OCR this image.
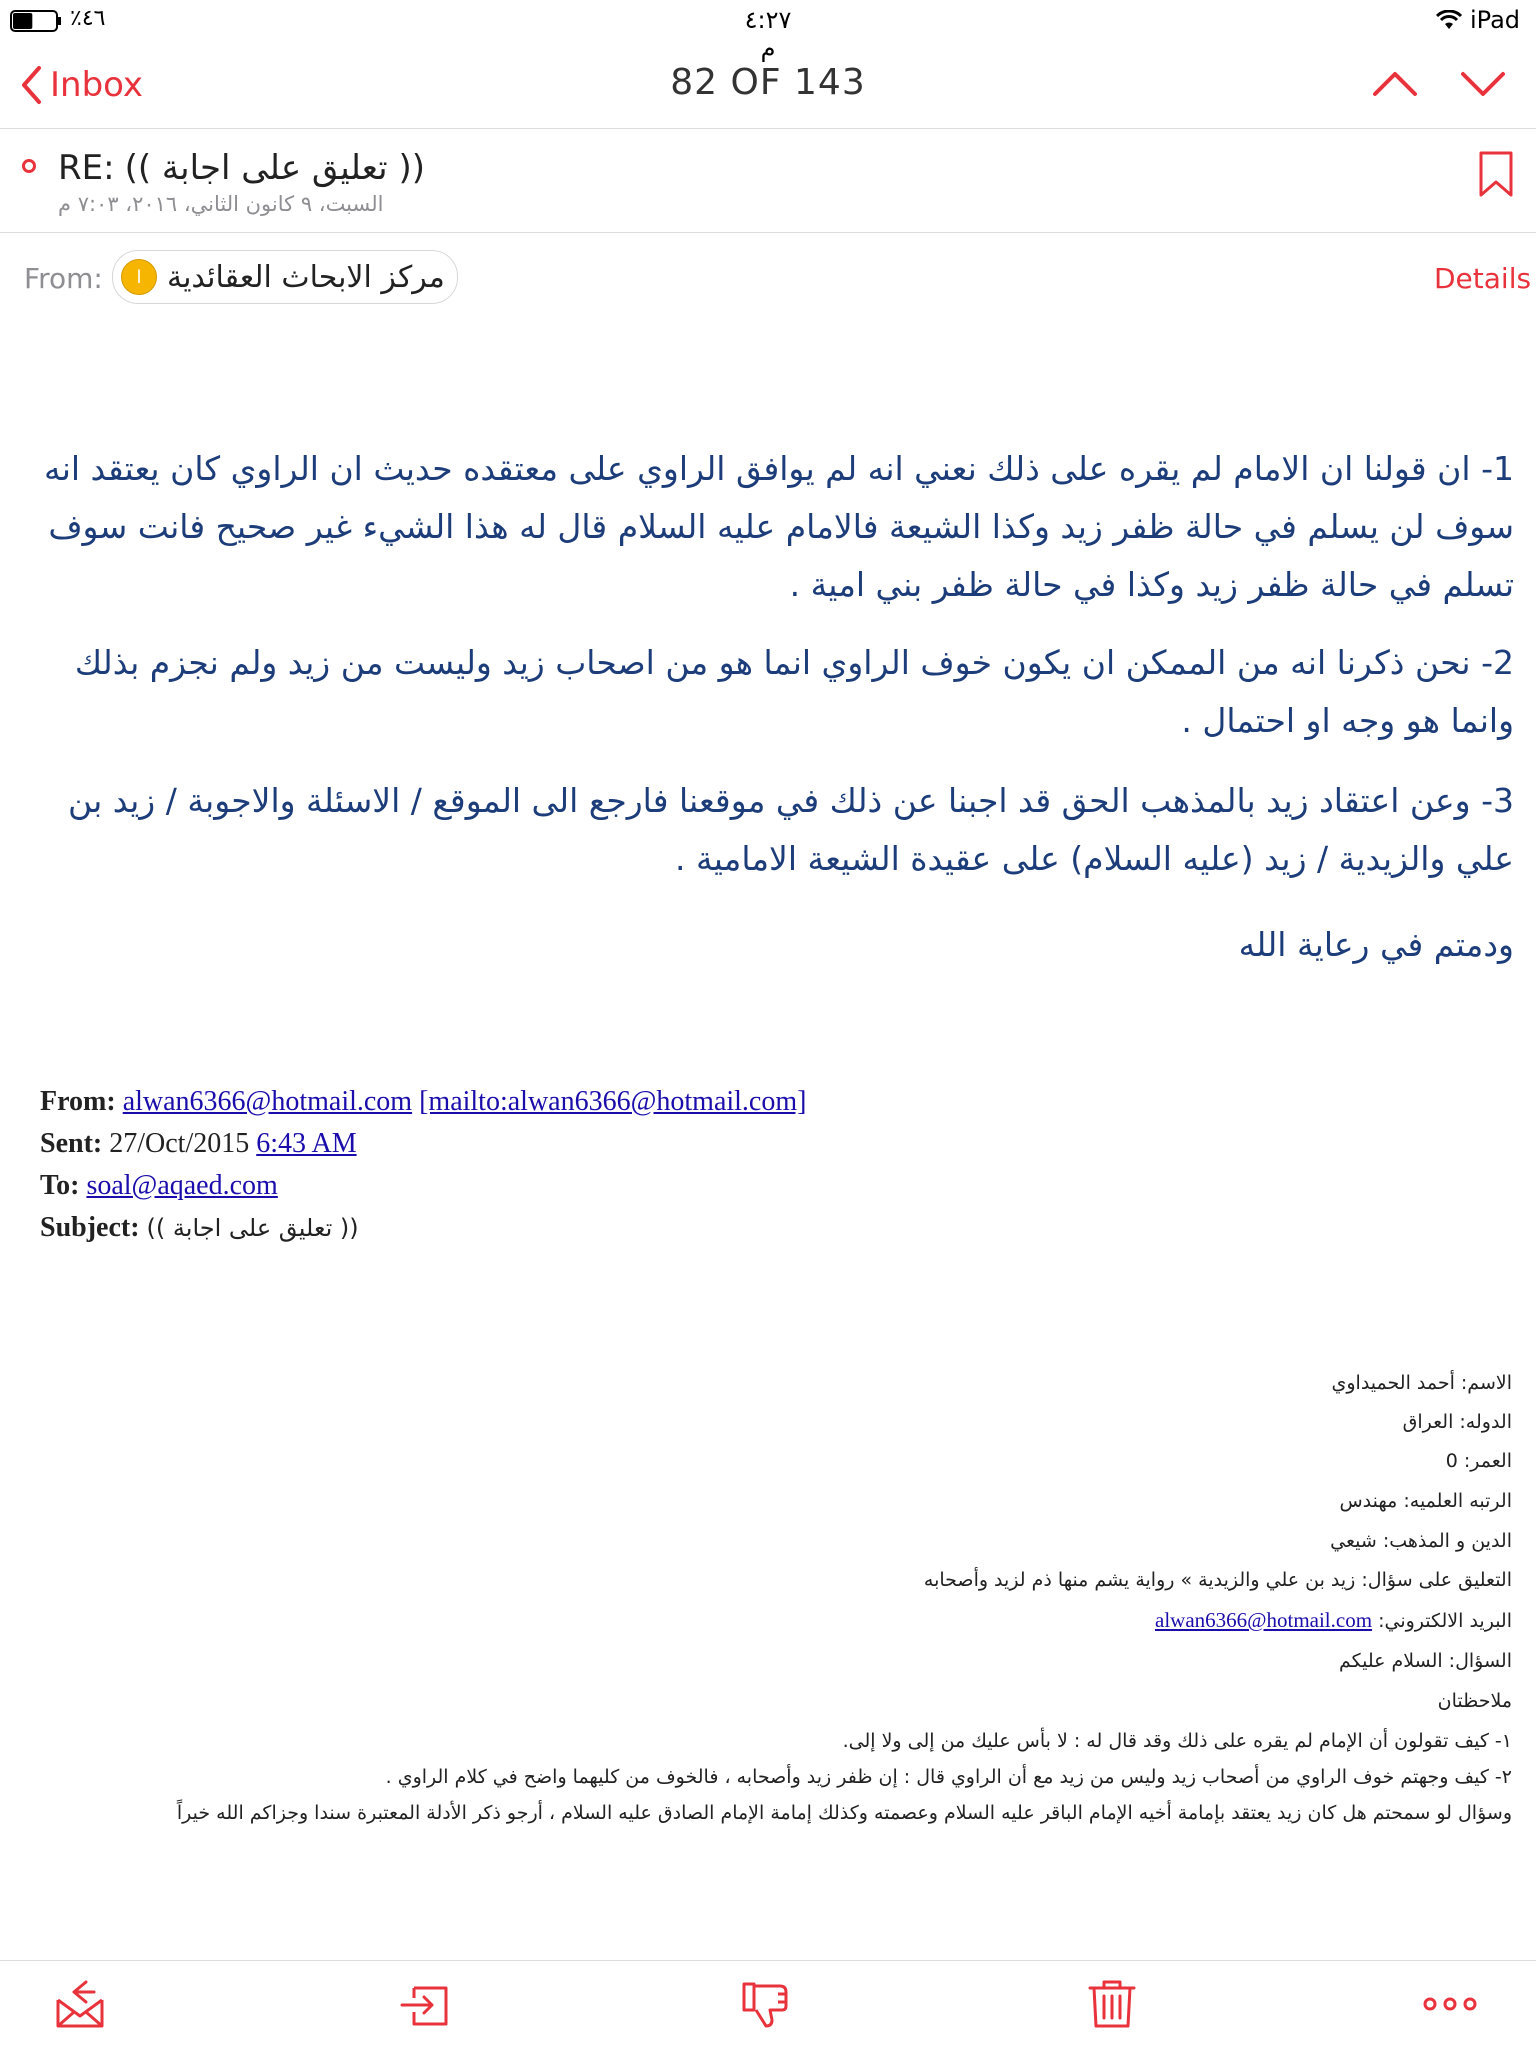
٤٦٪	٤:٢٧ م
iPad
Inbox	82 OF 143
RE: (( تعليق على اجابة ))
السبت، ٩ كانون الثاني، ٢٠١٦، ٧:٠٣ م
From:	ا مركز الابحاث العقائدية	Details
1- ان قولنا ان الامام لم يقره على ذلك نعني انه لم يوافق الراوي على معتقده حديث ان الراوي كان يعتقد انه سوف لن يسلم في حالة ظفر زيد وكذا الشيعة فالامام عليه السلام قال له هذا الشيء غير صحيح فانت سوف تسلم في حالة ظفر زيد وكذا في حالة ظفر بني امية .
2- نحن ذكرنا انه من الممكن ان يكون خوف الراوي انما هو من اصحاب زيد وليست من زيد ولم نجزم بذلك وانما هو وجه او احتمال .
3- وعن اعتقاد زيد بالمذهب الحق قد اجبنا عن ذلك في موقعنا فارجع الى الموقع / الاسئلة والاجوبة / زيد بن علي والزيدية / زيد (عليه السلام) على عقيدة الشيعة الامامية .
ودمتم في رعاية الله
From: alwan6366@hotmail.com [mailto:alwan6366@hotmail.com]
Sent: 27/Oct/2015 6:43 AM
To: soal@aqaed.com
Subject: (( تعليق على اجابة ))
الاسم: أحمد الحميداوي
الدوله: العراق
العمر: 0
الرتبه العلميه: مهندس
الدين و المذهب: شيعي
التعليق على سؤال: زيد بن علي والزيدية » رواية يشم منها ذم لزيد وأصحابه
البريد الالكتروني: alwan6366@hotmail.com
السؤال: السلام عليكم
ملاحظتان
١- كيف تقولون أن الإمام لم يقره على ذلك وقد قال له : لا بأس عليك من إلى ولا إلى.
٢- كيف وجهتم خوف الراوي من أصحاب زيد وليس من زيد مع أن الراوي قال : إن ظفر زيد وأصحابه ، فالخوف من كليهما واضح في كلام الراوي .
وسؤال لو سمحتم هل كان زيد يعتقد بإمامة أخيه الإمام الباقر عليه السلام وعصمته وكذلك إمامة الإمام الصادق عليه السلام ، أرجو ذكر الأدلة المعتبرة سندا وجزاكم الله خيراً
